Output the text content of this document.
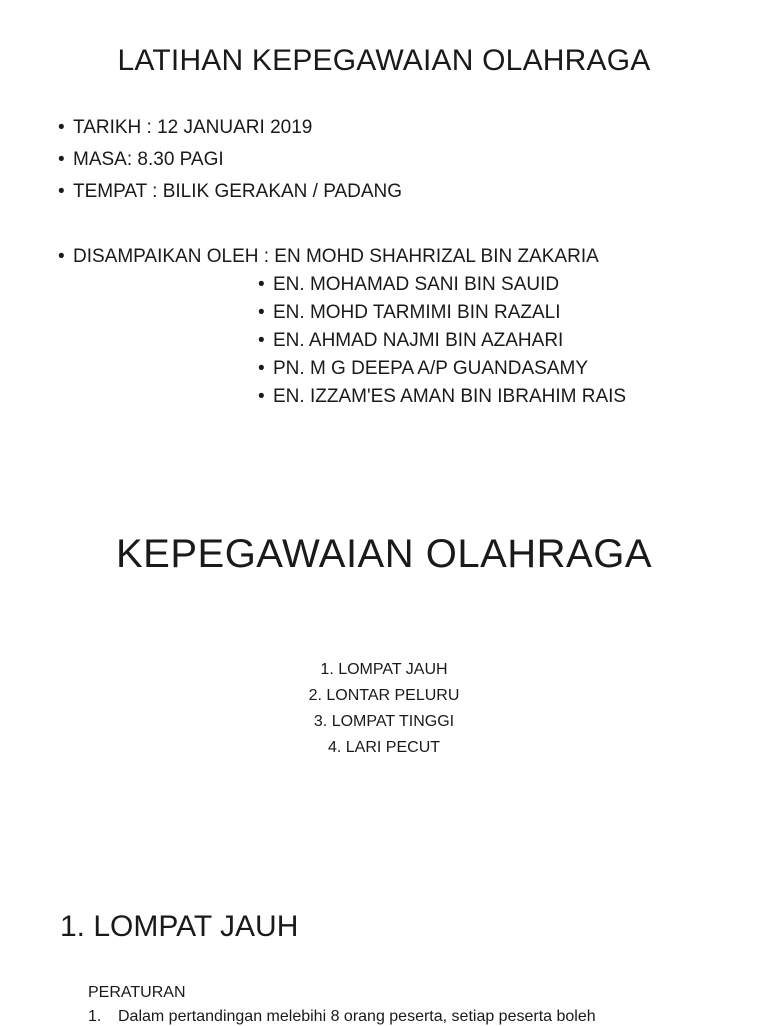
LATIHAN KEPEGAWAIAN OLAHRAGA
• TARIKH : 12 JANUARI 2019
• MASA: 8.30 PAGI
• TEMPAT : BILIK GERAKAN / PADANG
• DISAMPAIKAN OLEH : EN MOHD SHAHRIZAL BIN ZAKARIA
• EN. MOHAMAD SANI BIN SAUID
• EN. MOHD TARMIMI BIN RAZALI
• EN. AHMAD NAJMI BIN AZAHARI
• PN. M G DEEPA A/P GUANDASAMY
• EN. IZZAM'ES AMAN BIN IBRAHIM RAIS
KEPEGAWAIAN OLAHRAGA
1. LOMPAT JAUH
2. LONTAR PELURU
3. LOMPAT TINGGI
4. LARI PECUT
1. LOMPAT JAUH
PERATURAN
1. Dalam pertandingan melebihi 8 orang peserta, setiap peserta boleh
